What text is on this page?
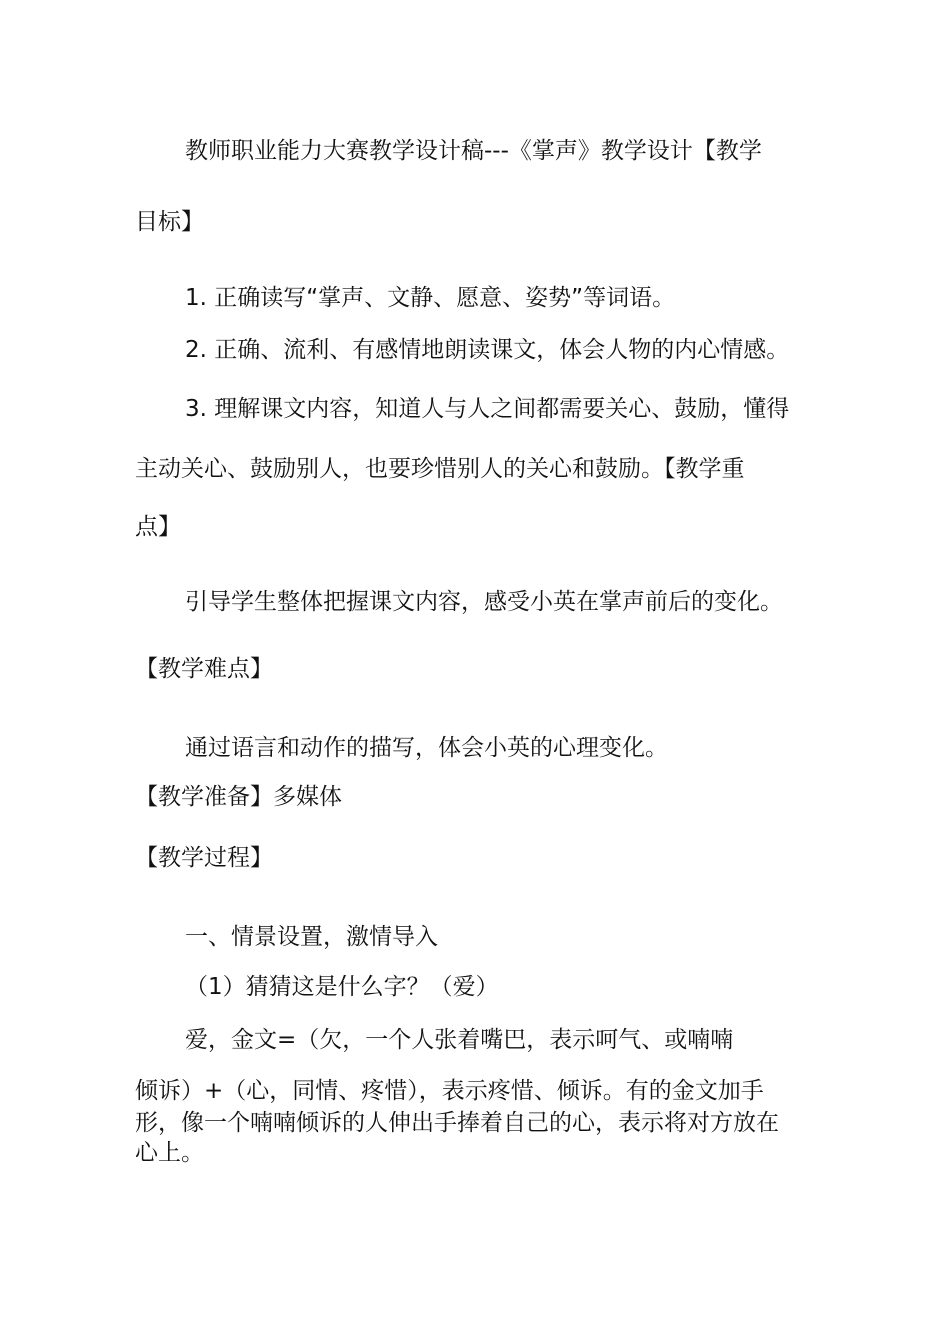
教师职业能力大赛教学设计稿---《掌声》教学设计【教学

目标】

1. 正确读写“掌声、文静、愿意、姿势”等词语。

2. 正确、流利、有感情地朗读课文，体会人物的内心情感。

3. 理解课文内容，知道人与人之间都需要关心、鼓励，懂得

主动关心、鼓励别人，也要珍惜别人的关心和鼓励。【教学重

点】

引导学生整体把握课文内容，感受小英在掌声前后的变化。

【教学难点】

通过语言和动作的描写，体会小英的心理变化。

【教学准备】多媒体

【教学过程】

一、情景设置，激情导入

（1）猜猜这是什么字？（爱）

爱，金文=（欠，一个人张着嘴巴，表示呵气、或喃喃

倾诉）+（心，同情、疼惜），表示疼惜、倾诉。有的金文加手

形，像一个喃喃倾诉的人伸出手捧着自己的心，表示将对方放在

心上。
